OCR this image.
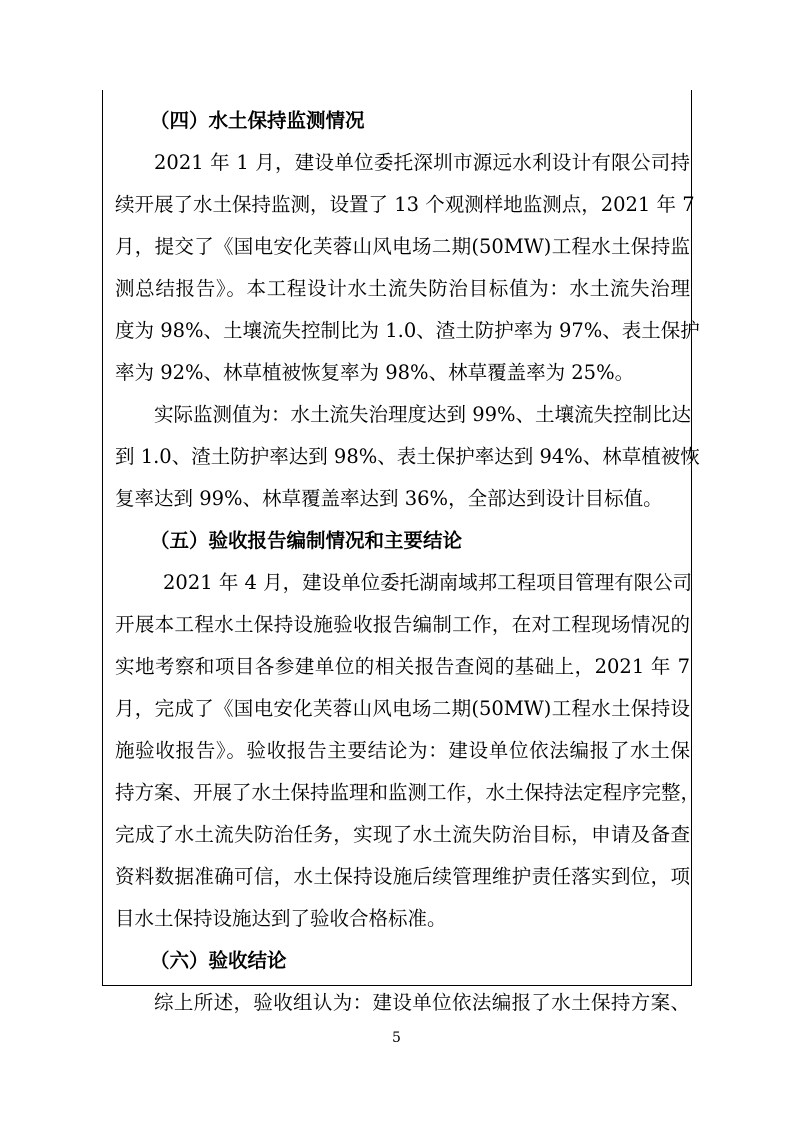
（四）水土保持监测情况
2021 年 1 月，建设单位委托深圳市源远水利设计有限公司持
续开展了水土保持监测，设置了 13 个观测样地监测点，2021 年 7
月，提交了《国电安化芙蓉山风电场二期(50MW)工程水土保持监
测总结报告》。本工程设计水土流失防治目标值为：水土流失治理
度为 98%、土壤流失控制比为 1.0、渣土防护率为 97%、表土保护
率为 92%、林草植被恢复率为 98%、林草覆盖率为 25%。
实际监测值为：水土流失治理度达到 99%、土壤流失控制比达
到 1.0、渣土防护率达到 98%、表土保护率达到 94%、林草植被恢
复率达到 99%、林草覆盖率达到 36%，全部达到设计目标值。
（五）验收报告编制情况和主要结论
2021 年 4 月，建设单位委托湖南域邦工程项目管理有限公司
开展本工程水土保持设施验收报告编制工作，在对工程现场情况的
实地考察和项目各参建单位的相关报告查阅的基础上，2021 年 7
月，完成了《国电安化芙蓉山风电场二期(50MW)工程水土保持设
施验收报告》。验收报告主要结论为：建设单位依法编报了水土保
持方案、开展了水土保持监理和监测工作，水土保持法定程序完整，
完成了水土流失防治任务，实现了水土流失防治目标，申请及备查
资料数据准确可信，水土保持设施后续管理维护责任落实到位，项
目水土保持设施达到了验收合格标准。
（六）验收结论
综上所述，验收组认为：建设单位依法编报了水土保持方案、
5
